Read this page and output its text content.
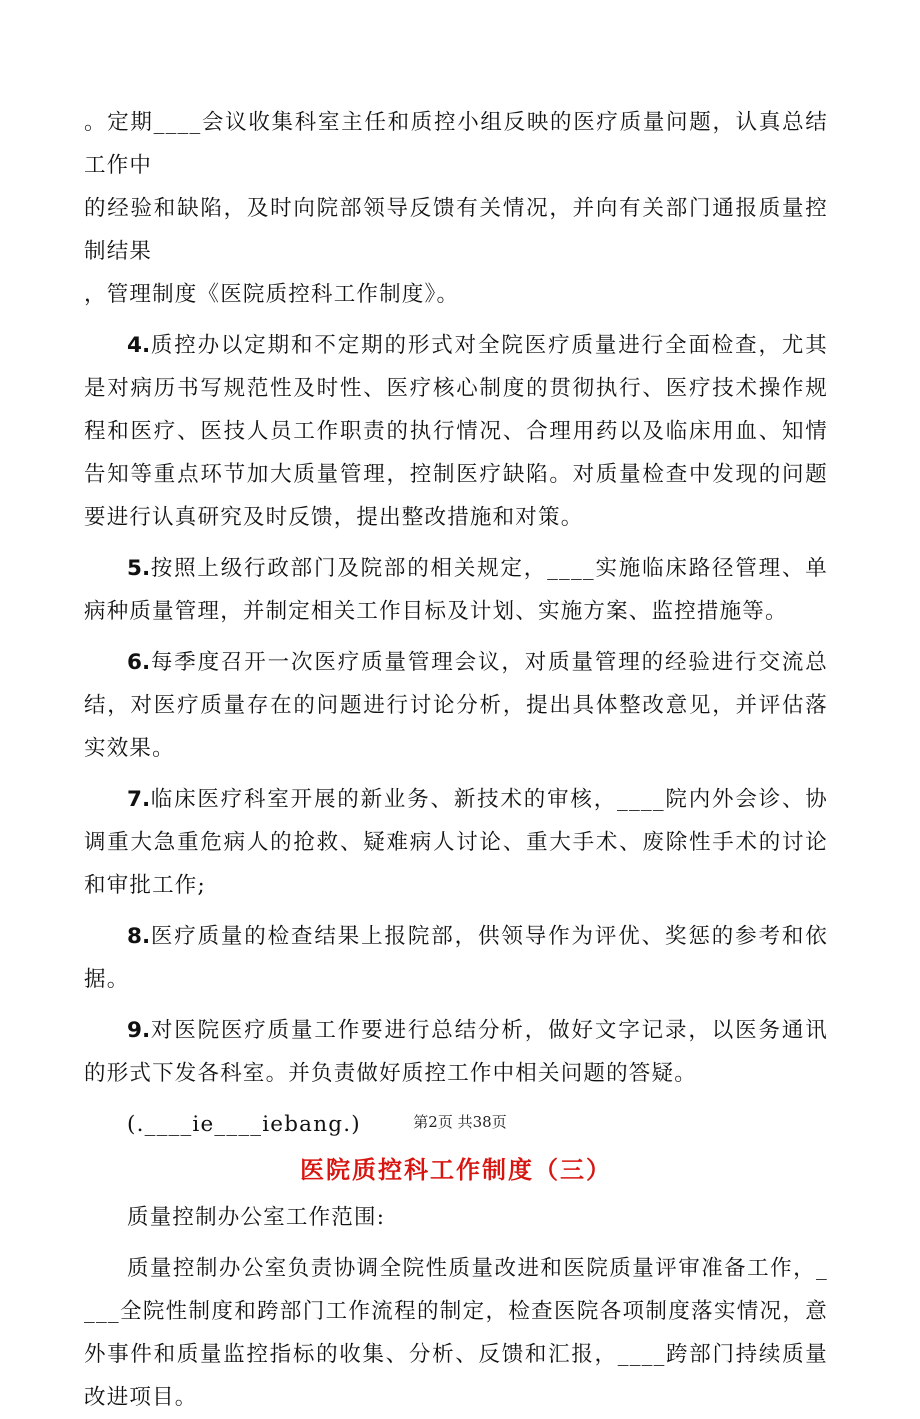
。定期____会议收集科室主任和质控小组反映的医疗质量问题，认真总结工作中
的经验和缺陷，及时向院部领导反馈有关情况，并向有关部门通报质量控制结果
，管理制度《医院质控科工作制度》。

4.质控办以定期和不定期的形式对全院医疗质量进行全面检查，尤其是对病历书写规范性及时性、医疗核心制度的贯彻执行、医疗技术操作规程和医疗、医技人员工作职责的执行情况、合理用药以及临床用血、知情告知等重点环节加大质量管理，控制医疗缺陷。对质量检查中发现的问题要进行认真研究及时反馈，提出整改措施和对策。

5.按照上级行政部门及院部的相关规定，____实施临床路径管理、单病种质量管理，并制定相关工作目标及计划、实施方案、监控措施等。

6.每季度召开一次医疗质量管理会议，对质量管理的经验进行交流总结，对医疗质量存在的问题进行讨论分析，提出具体整改意见，并评估落实效果。

7.临床医疗科室开展的新业务、新技术的审核，____院内外会诊、协调重大急重危病人的抢救、疑难病人讨论、重大手术、废除性手术的讨论和审批工作;

8.医疗质量的检查结果上报院部，供领导作为评优、奖惩的参考和依据。

9.对医院医疗质量工作要进行总结分析，做好文字记录，以医务通讯的形式下发各科室。并负责做好质控工作中相关问题的答疑。

(.____ie____iebang.)

医院质控科工作制度（三）

质量控制办公室工作范围:

质量控制办公室负责协调全院性质量改进和医院质量评审准备工作，____全院性制度和跨部门工作流程的制定，检查医院各项制度落实情况，意外事件和质量监控指标的收集、分析、反馈和汇报，____跨部门持续质量改进项目。

第2页 共38页
